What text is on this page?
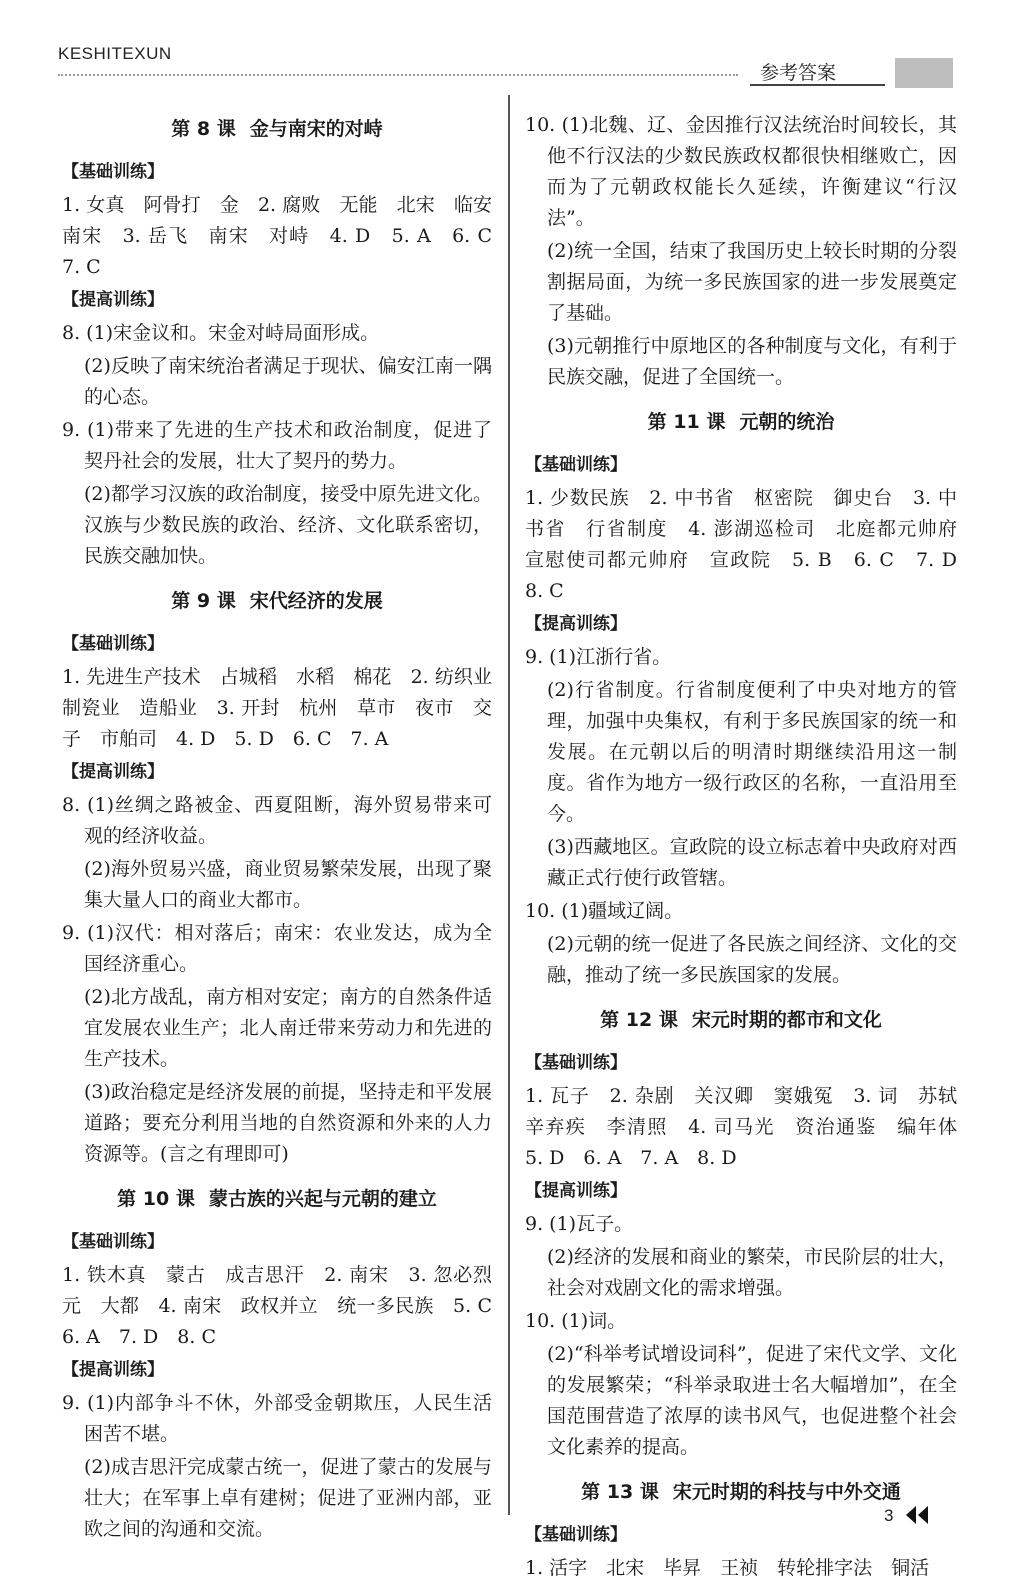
KESHITEXUN
参考答案
第 8 课 金与南宋的对峙
【基础训练】

1. 女真　阿骨打　金　2. 腐败　无能　北宋　临安　南宋　3. 岳飞　南宋　对峙　4. D　5. A　6. C　7. C

【提高训练】

8. (1)宋金议和。宋金对峙局面形成。

(2)反映了南宋统治者满足于现状、偏安江南一隅的心态。

9. (1)带来了先进的生产技术和政治制度，促进了契丹社会的发展，壮大了契丹的势力。

(2)都学习汉族的政治制度，接受中原先进文化。汉族与少数民族的政治、经济、文化联系密切，民族交融加快。

第 9 课 宋代经济的发展
【基础训练】

1. 先进生产技术　占城稻　水稻　棉花　2. 纺织业　制瓷业　造船业　3. 开封　杭州　草市　夜市　交子　市舶司　4. D　5. D　6. C　7. A

【提高训练】

8. (1)丝绸之路被金、西夏阻断，海外贸易带来可观的经济收益。

(2)海外贸易兴盛，商业贸易繁荣发展，出现了聚集大量人口的商业大都市。

9. (1)汉代：相对落后；南宋：农业发达，成为全国经济重心。

(2)北方战乱，南方相对安定；南方的自然条件适宜发展农业生产；北人南迁带来劳动力和先进的生产技术。

(3)政治稳定是经济发展的前提，坚持走和平发展道路；要充分利用当地的自然资源和外来的人力资源等。(言之有理即可)

第 10 课 蒙古族的兴起与元朝的建立
【基础训练】

1. 铁木真　蒙古　成吉思汗　2. 南宋　3. 忽必烈　元　大都　4. 南宋　政权并立　统一多民族　5. C　6. A　7. D　8. C

【提高训练】

9. (1)内部争斗不休，外部受金朝欺压，人民生活困苦不堪。

(2)成吉思汗完成蒙古统一，促进了蒙古的发展与壮大；在军事上卓有建树；促进了亚洲内部，亚欧之间的沟通和交流。

10. (1)北魏、辽、金因推行汉法统治时间较长，其他不行汉法的少数民族政权都很快相继败亡，因而为了元朝政权能长久延续，许衡建议“行汉法”。

(2)统一全国，结束了我国历史上较长时期的分裂割据局面，为统一多民族国家的进一步发展奠定了基础。

(3)元朝推行中原地区的各种制度与文化，有利于民族交融，促进了全国统一。

第 11 课 元朝的统治
【基础训练】

1. 少数民族　2. 中书省　枢密院　御史台　3. 中书省　行省制度　4. 澎湖巡检司　北庭都元帅府　宣慰使司都元帅府　宣政院　5. B　6. C　7. D　8. C

【提高训练】

9. (1)江浙行省。

(2)行省制度。行省制度便利了中央对地方的管理，加强中央集权，有利于多民族国家的统一和发展。在元朝以后的明清时期继续沿用这一制度。省作为地方一级行政区的名称，一直沿用至今。

(3)西藏地区。宣政院的设立标志着中央政府对西藏正式行使行政管辖。

10. (1)疆域辽阔。

(2)元朝的统一促进了各民族之间经济、文化的交融，推动了统一多民族国家的发展。

第 12 课 宋元时期的都市和文化
【基础训练】

1. 瓦子　2. 杂剧　关汉卿　窦娥冤　3. 词　苏轼　辛弃疾　李清照　4. 司马光　资治通鉴　编年体　5. D　6. A　7. A　8. D

【提高训练】

9. (1)瓦子。

(2)经济的发展和商业的繁荣，市民阶层的壮大，社会对戏剧文化的需求增强。

10. (1)词。

(2)“科举考试增设词科”，促进了宋代文学、文化的发展繁荣；“科举录取进士名大幅增加”，在全国范围营造了浓厚的读书风气，也促进整个社会文化素养的提高。

第 13 课 宋元时期的科技与中外交通
【基础训练】

1. 活字　北宋　毕昇　王祯　转轮排字法　铜活

3
